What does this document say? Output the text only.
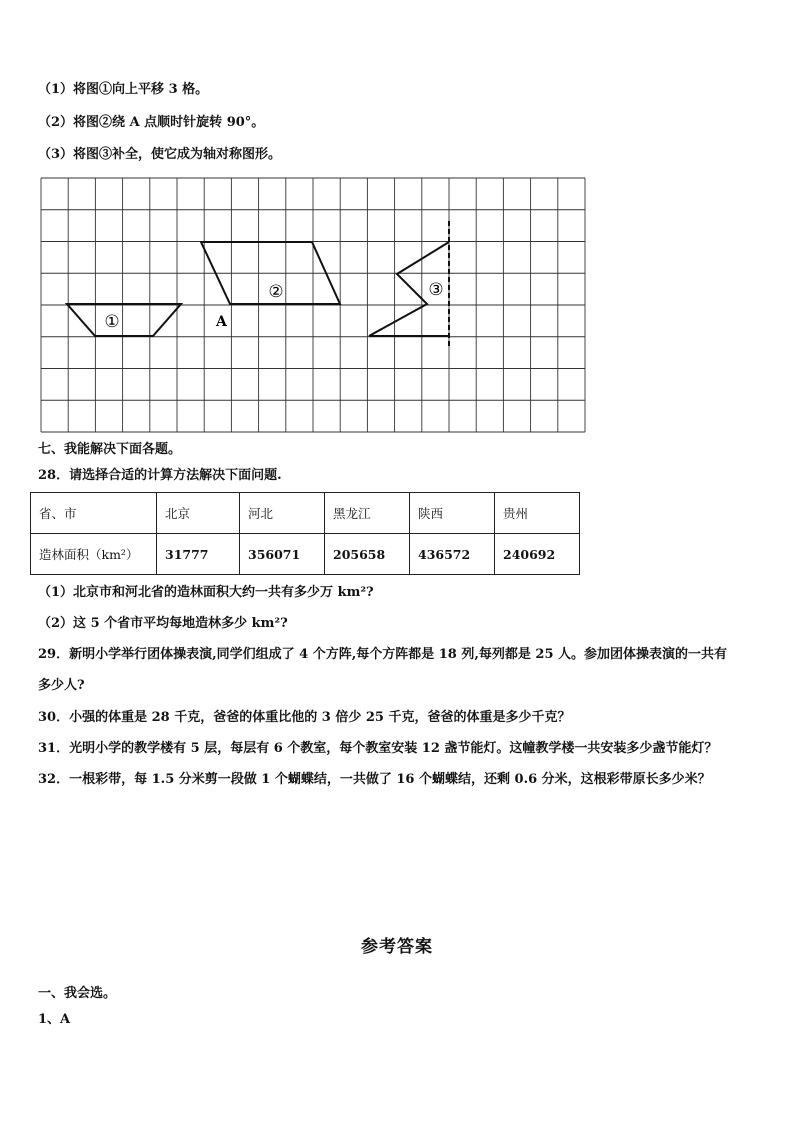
（1）将图①向上平移 3 格。
（2）将图②绕 A 点顺时针旋转 90°。
（3）将图③补全，使它成为轴对称图形。
①
②	③
A
七、我能解决下面各题。
28．请选择合适的计算方法解决下面问题.
省、市	北京	河北	黑龙江	陕西	贵州
造林面积（km²）	31777	356071	205658	436572	240692
（1）北京市和河北省的造林面积大约一共有多少万 km²?
（2）这 5 个省市平均每地造林多少 km²?
29．新明小学举行团体操表演,同学们组成了 4 个方阵,每个方阵都是 18 列,每列都是 25 人。参加团体操表演的一共有
多少人?
30．小强的体重是 28 千克，爸爸的体重比他的 3 倍少 25 千克，爸爸的体重是多少千克？
31．光明小学的教学楼有 5 层，每层有 6 个教室，每个教室安装 12 盏节能灯。这幢教学楼一共安装多少盏节能灯？
32．一根彩带，每 1.5 分米剪一段做 1 个蝴蝶结，一共做了 16 个蝴蝶结，还剩 0.6 分米，这根彩带原长多少米？
参考答案
一、我会选。
1、A
